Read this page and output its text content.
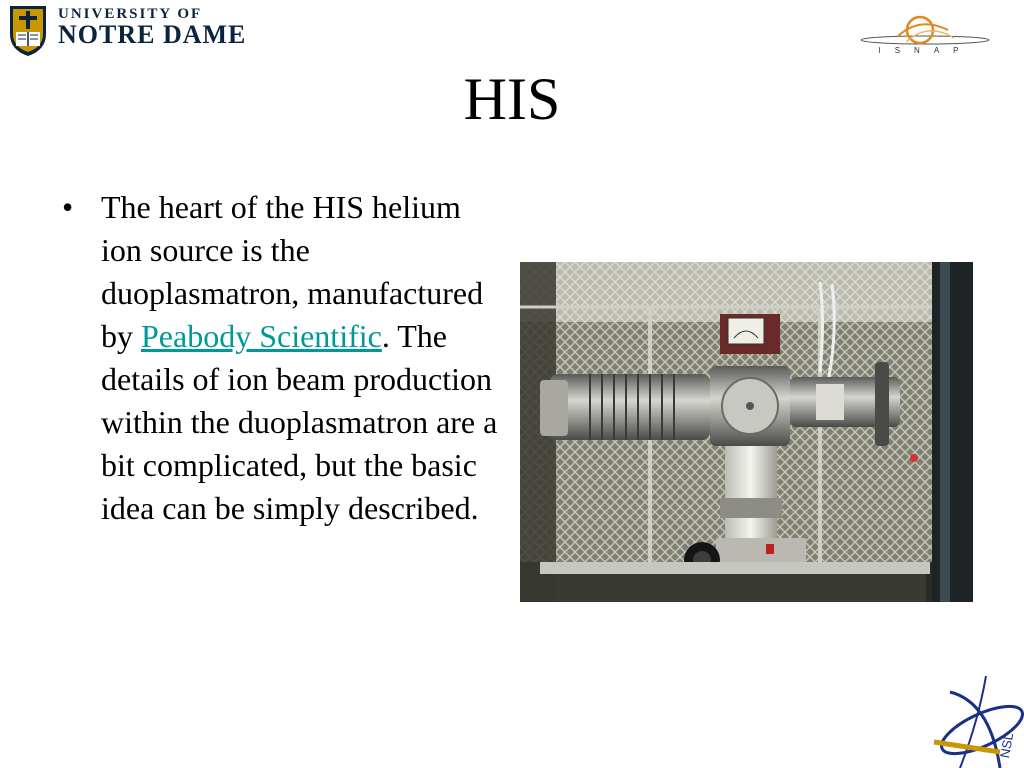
UNIVERSITY OF
NOTRE DAME
ISNAP
HIS
• The heart of the HIS helium ion source is the duoplasmatron, manufactured by Peabody Scientific. The details of ion beam production within the duoplasmatron are a bit complicated, but the basic idea can be simply described.
NSL
